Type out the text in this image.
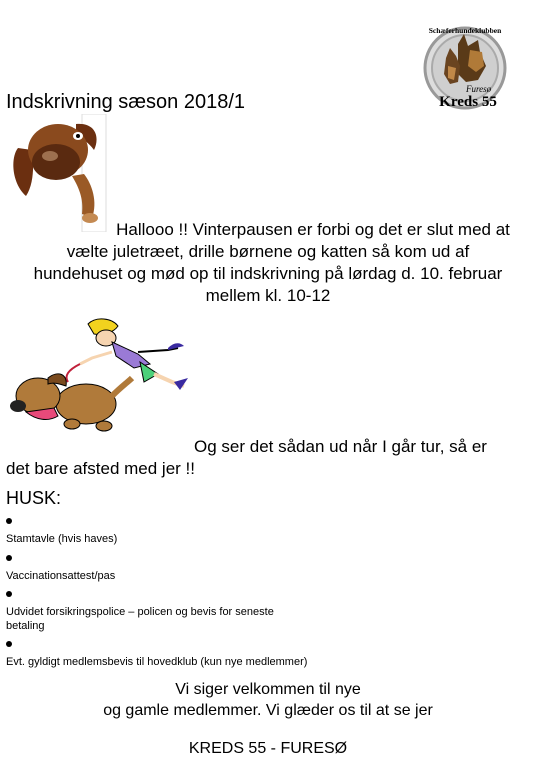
Schæferhundeklubben
Furesø
Kreds 55
Indskrivning sæson 2018/1
Hallooo !! Vinterpausen er forbi og det er slut med at
vælte juletræet, drille børnene og katten så kom ud af
hundehuset og mød op til indskrivning på lørdag d. 10. februar
mellem kl. 10-12
Og ser det sådan ud når I går tur, så er
det bare afsted med jer !!
HUSK:
Stamtavle (hvis haves)
Vaccinationsattest/pas
Udvidet forsikringspolice – policen og bevis for seneste betaling
Evt. gyldigt medlemsbevis til hovedklub (kun nye medlemmer)
Vi siger velkommen til nye
og gamle medlemmer. Vi glæder os til at se jer
KREDS 55 - FURESØ
